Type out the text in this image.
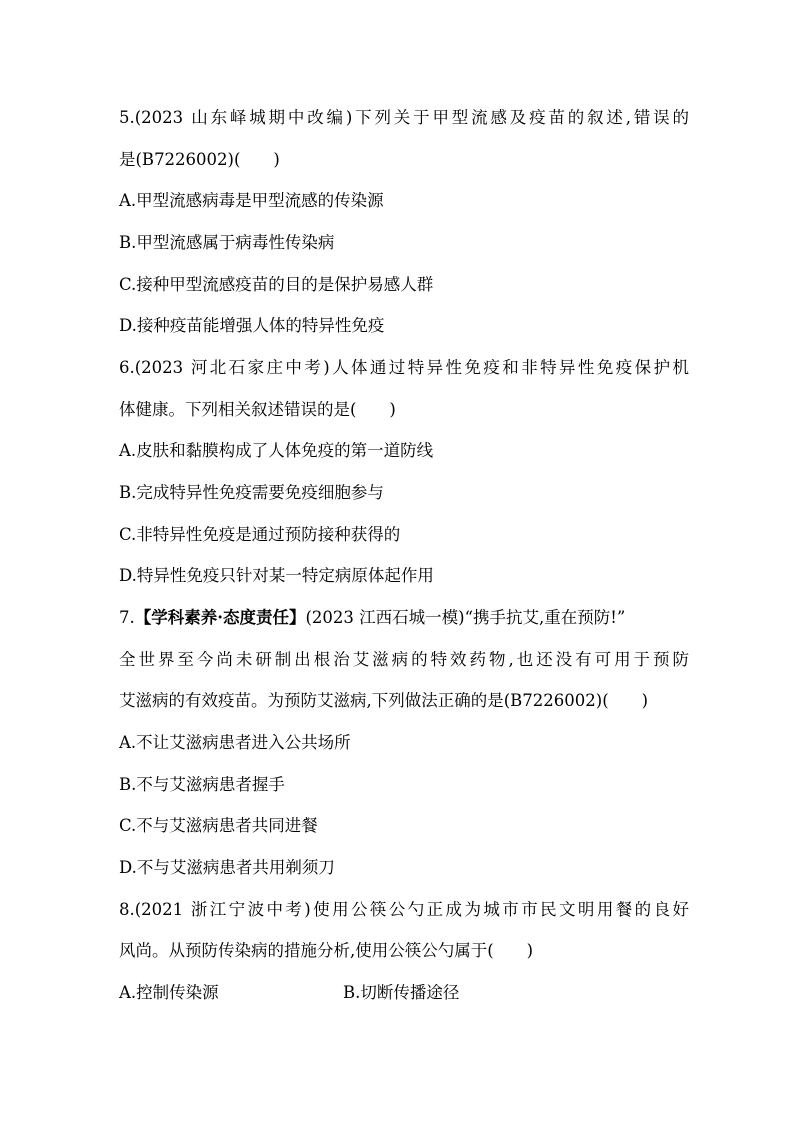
5.(2023 山东峄城期中改编)下列关于甲型流感及疫苗的叙述,错误的
是(B7226002)(　　)
A.甲型流感病毒是甲型流感的传染源
B.甲型流感属于病毒性传染病
C.接种甲型流感疫苗的目的是保护易感人群
D.接种疫苗能增强人体的特异性免疫
6.(2023 河北石家庄中考)人体通过特异性免疫和非特异性免疫保护机
体健康。下列相关叙述错误的是(　　)
A.皮肤和黏膜构成了人体免疫的第一道防线
B.完成特异性免疫需要免疫细胞参与
C.非特异性免疫是通过预防接种获得的
D.特异性免疫只针对某一特定病原体起作用
7.【学科素养·态度责任】(2023 江西石城一模)“携手抗艾,重在预防!”
全世界至今尚未研制出根治艾滋病的特效药物,也还没有可用于预防
艾滋病的有效疫苗。为预防艾滋病,下列做法正确的是(B7226002)(　　)
A.不让艾滋病患者进入公共场所
B.不与艾滋病患者握手
C.不与艾滋病患者共同进餐
D.不与艾滋病患者共用剃须刀
8.(2021 浙江宁波中考)使用公筷公勺正成为城市市民文明用餐的良好
风尚。从预防传染病的措施分析,使用公筷公勺属于(　　)
A.控制传染源	B.切断传播途径
